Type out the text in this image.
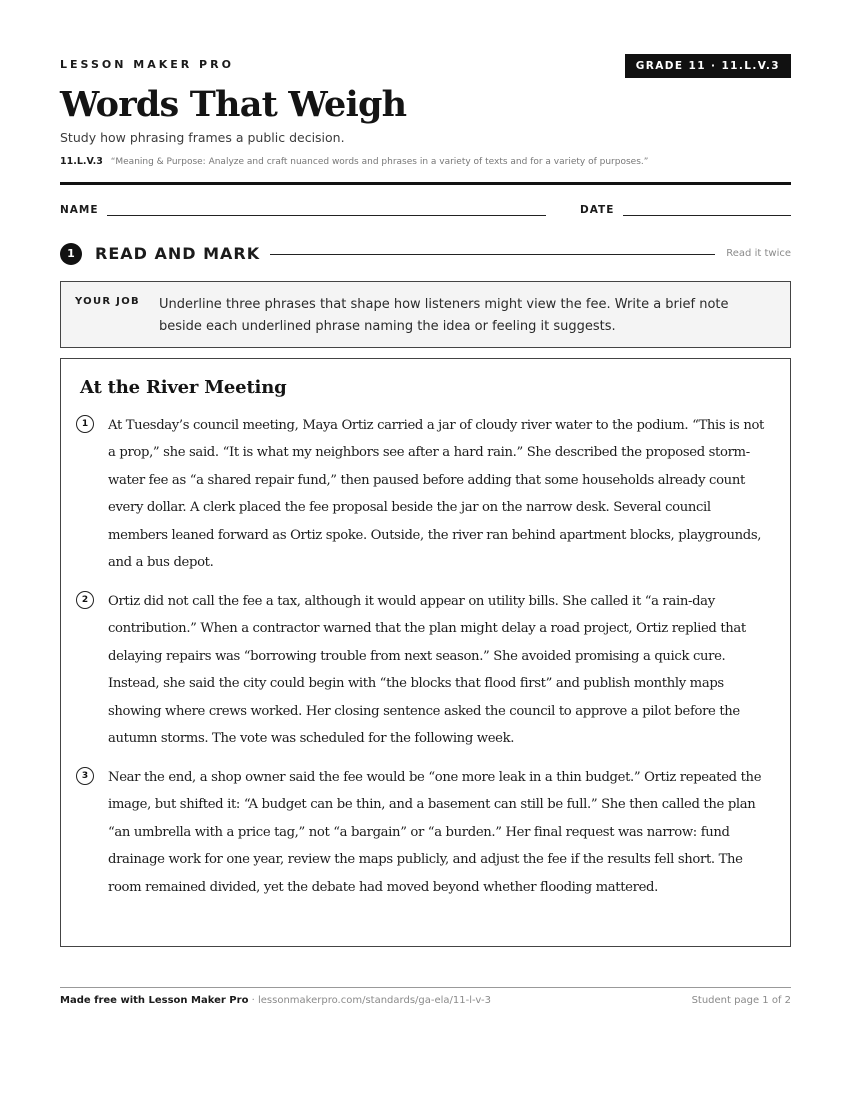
LESSON MAKER PRO	GRADE 11 · 11.L.V.3
Words That Weigh
Study how phrasing frames a public decision.
11.L.V.3 “Meaning & Purpose: Analyze and craft nuanced words and phrases in a variety of texts and for a variety of purposes.”
NAME	DATE
1	READ AND MARK	Read it twice
YOUR JOB Underline three phrases that shape how listeners might view the fee. Write a brief note beside each underlined phrase naming the idea or feeling it suggests.
At the River Meeting
1	At Tuesday’s council meeting, Maya Ortiz carried a jar of cloudy river water to the podium. “This is not a prop,” she said. “It is what my neighbors see after a hard rain.” She described the proposed storm-water fee as “a shared repair fund,” then paused before adding that some households already count every dollar. A clerk placed the fee proposal beside the jar on the narrow desk. Several council members leaned forward as Ortiz spoke. Outside, the river ran behind apartment blocks, playgrounds, and a bus depot.

2	Ortiz did not call the fee a tax, although it would appear on utility bills. She called it “a rain-day contribution.” When a contractor warned that the plan might delay a road project, Ortiz replied that delaying repairs was “borrowing trouble from next season.” She avoided promising a quick cure. Instead, she said the city could begin with “the blocks that flood first” and publish monthly maps showing where crews worked. Her closing sentence asked the council to approve a pilot before the autumn storms. The vote was scheduled for the following week.

3	Near the end, a shop owner said the fee would be “one more leak in a thin budget.” Ortiz repeated the image, but shifted it: “A budget can be thin, and a basement can still be full.” She then called the plan “an umbrella with a price tag,” not “a bargain” or “a burden.” Her final request was narrow: fund drainage work for one year, review the maps publicly, and adjust the fee if the results fell short. The room remained divided, yet the debate had moved beyond whether flooding mattered.

Made free with Lesson Maker Pro · lessonmakerpro.com/standards/ga-ela/11-l-v-3	Student page 1 of 2
